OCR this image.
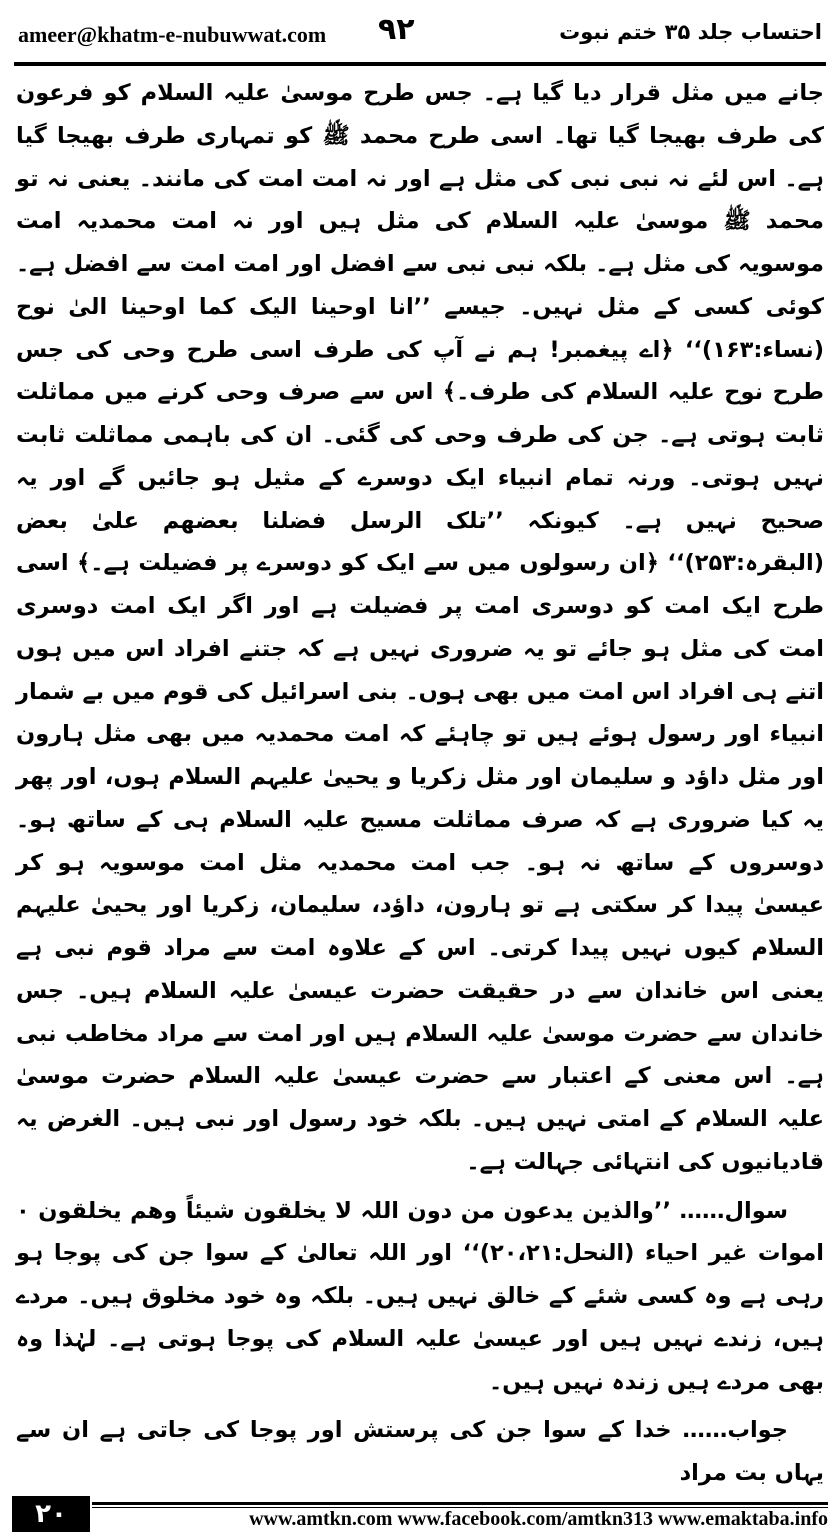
ameer@khatm-e-nubuwwat.com ۹۲	احتساب جلد ۳۵ ختم نبوت

جانے میں مثل قرار دیا گیا ہے۔ جس طرح موسیٰ علیہ السلام کو فرعون کی طرف بھیجا گیا تھا۔ اسی طرح محمد ﷺ کو تمہاری طرف بھیجا گیا ہے۔ اس لئے نہ نبی نبی کی مثل ہے اور نہ امت امت کی مانند۔ یعنی نہ تو محمد ﷺ موسیٰ علیہ السلام کی مثل ہیں اور نہ امت محمدیہ امت موسویہ کی مثل ہے۔ بلکہ نبی نبی سے افضل اور امت امت سے افضل ہے۔ کوئی کسی کے مثل نہیں۔ جیسے ’’انا اوحینا الیک کما اوحینا الیٰ نوح (نساء:۱۶۳)‘‘ ﴿اے پیغمبر! ہم نے آپ کی طرف اسی طرح وحی کی جس طرح نوح علیہ السلام کی طرف۔﴾ اس سے صرف وحی کرنے میں مماثلت ثابت ہوتی ہے۔ جن کی طرف وحی کی گئی۔ ان کی باہمی مماثلت ثابت نہیں ہوتی۔ ورنہ تمام انبیاء ایک دوسرے کے مثیل ہو جائیں گے اور یہ صحیح نہیں ہے۔ کیونکہ ’’تلک الرسل فضلنا بعضھم علیٰ بعض (البقرہ:۲۵۳)‘‘ ﴿ان رسولوں میں سے ایک کو دوسرے پر فضیلت ہے۔﴾ اسی طرح ایک امت کو دوسری امت پر فضیلت ہے اور اگر ایک امت دوسری امت کی مثل ہو جائے تو یہ ضروری نہیں ہے کہ جتنے افراد اس میں ہوں اتنے ہی افراد اس امت میں بھی ہوں۔ بنی اسرائیل کی قوم میں بے شمار انبیاء اور رسول ہوئے ہیں تو چاہئے کہ امت محمدیہ میں بھی مثل ہارون اور مثل داؤد و سلیمان اور مثل زکریا و یحییٰ علیہم السلام ہوں، اور پھر یہ کیا ضروری ہے کہ صرف مماثلت مسیح علیہ السلام ہی کے ساتھ ہو۔ دوسروں کے ساتھ نہ ہو۔ جب امت محمدیہ مثل امت موسویہ ہو کر عیسیٰ پیدا کر سکتی ہے تو ہارون، داؤد، سلیمان، زکریا اور یحییٰ علیہم السلام کیوں نہیں پیدا کرتی۔ اس کے علاوہ امت سے مراد قوم نبی ہے یعنی اس خاندان سے در حقیقت حضرت عیسیٰ علیہ السلام ہیں۔ جس خاندان سے حضرت موسیٰ علیہ السلام ہیں اور امت سے مراد مخاطب نبی ہے۔ اس معنی کے اعتبار سے حضرت عیسیٰ علیہ السلام حضرت موسیٰ علیہ السلام کے امتی نہیں ہیں۔ بلکہ خود رسول اور نبی ہیں۔ الغرض یہ قادیانیوں کی انتہائی جہالت ہے۔

سوال…… ’’والذین یدعون من دون اللہ لا یخلقون شیئاً وھم یخلقون ۰ اموات غیر احیاء (النحل:۲۰،۲۱)‘‘ اور اللہ تعالیٰ کے سوا جن کی پوجا ہو رہی ہے وہ کسی شئے کے خالق نہیں ہیں۔ بلکہ وہ خود مخلوق ہیں۔ مردے ہیں، زندے نہیں ہیں اور عیسیٰ علیہ السلام کی پوجا ہوتی ہے۔ لہٰذا وہ بھی مردے ہیں زندہ نہیں ہیں۔

جواب…… خدا کے سوا جن کی پرستش اور پوجا کی جاتی ہے ان سے یہاں بت مراد

۲۰	www.amtkn.com www.facebook.com/amtkn313 www.emaktaba.info
